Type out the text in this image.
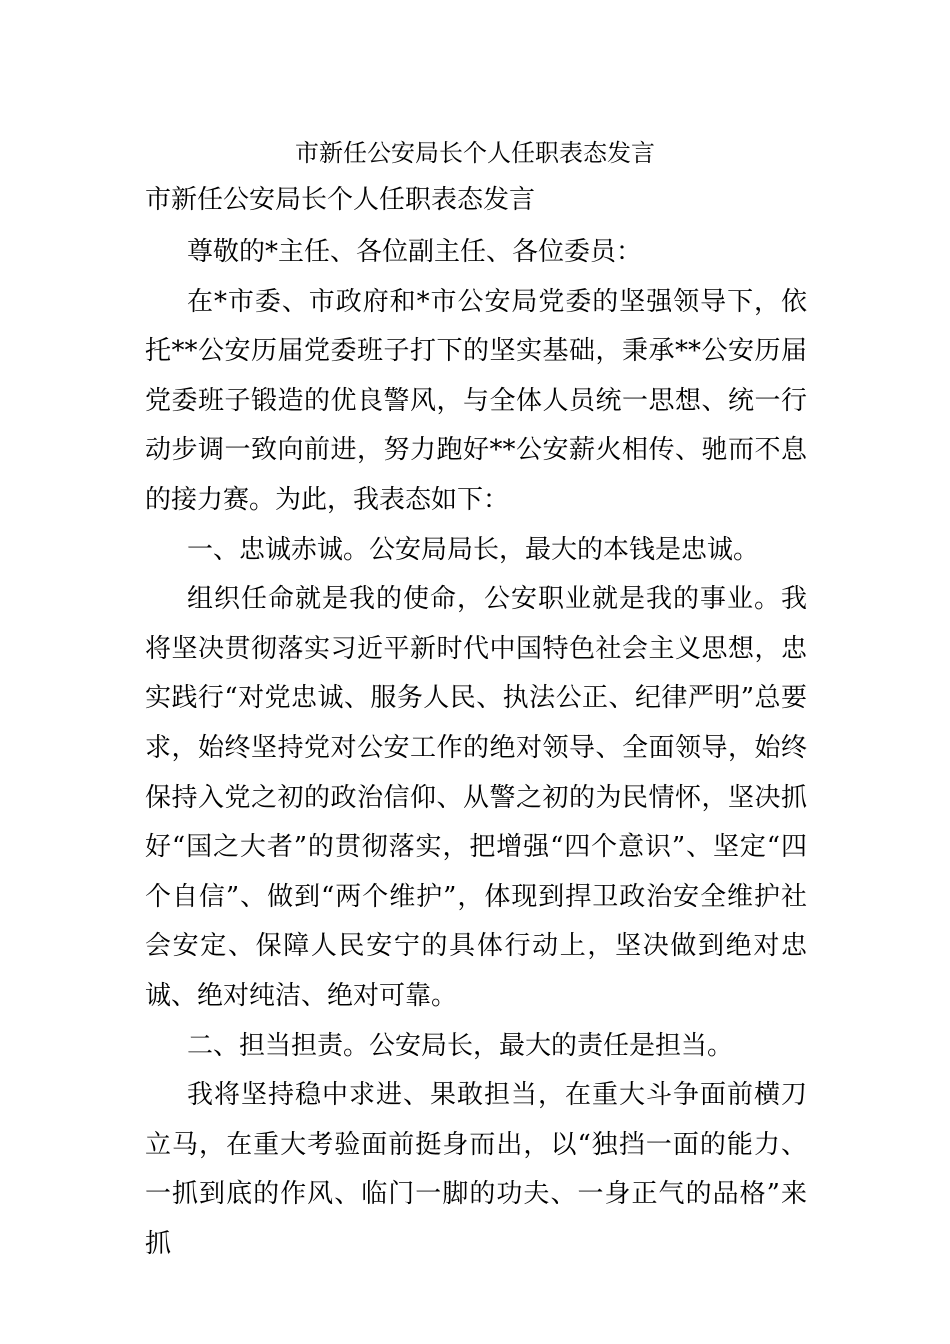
市新任公安局长个人任职表态发言
市新任公安局长个人任职表态发言

尊敬的*主任、各位副主任、各位委员：

在*市委、市政府和*市公安局党委的坚强领导下，依托**公安历届党委班子打下的坚实基础，秉承**公安历届党委班子锻造的优良警风，与全体人员统一思想、统一行动步调一致向前进，努力跑好**公安薪火相传、驰而不息的接力赛。为此，我表态如下：

一、忠诚赤诚。公安局局长，最大的本钱是忠诚。

组织任命就是我的使命，公安职业就是我的事业。我将坚决贯彻落实习近平新时代中国特色社会主义思想，忠实践行“对党忠诚、服务人民、执法公正、纪律严明”总要求，始终坚持党对公安工作的绝对领导、全面领导，始终保持入党之初的政治信仰、从警之初的为民情怀，坚决抓好“国之大者”的贯彻落实，把增强“四个意识”、坚定“四个自信”、做到“两个维护”，体现到捍卫政治安全维护社会安定、保障人民安宁的具体行动上，坚决做到绝对忠诚、绝对纯洁、绝对可靠。

二、担当担责。公安局长，最大的责任是担当。

我将坚持稳中求进、果敢担当，在重大斗争面前横刀立马，在重大考验面前挺身而出，以“独挡一面的能力、一抓到底的作风、临门一脚的功夫、一身正气的品格”来抓
